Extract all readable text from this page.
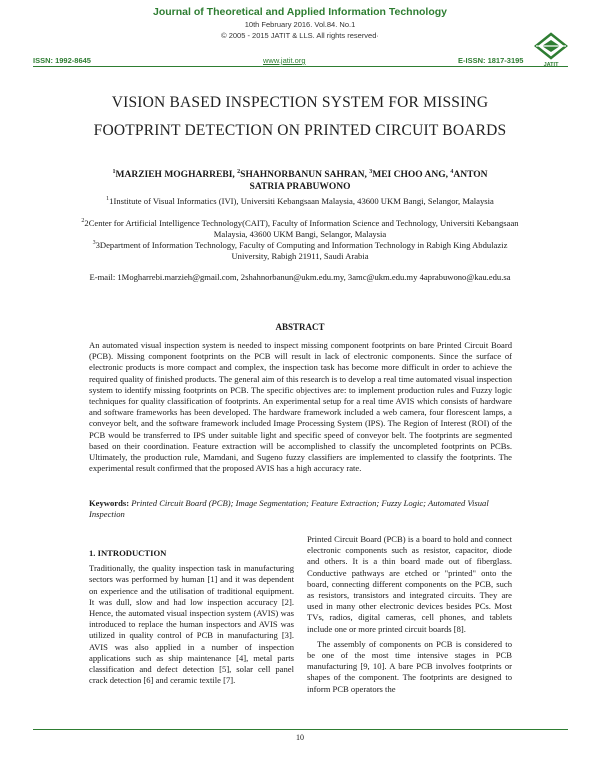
Journal of Theoretical and Applied Information Technology
10th February 2016. Vol.84. No.1
© 2005 - 2015 JATIT & LLS. All rights reserved·
JATIT
ISSN: 1992-8645	www.jatit.org	E-ISSN: 1817-3195
VISION BASED INSPECTION SYSTEM FOR MISSING
FOOTPRINT DETECTION ON PRINTED CIRCUIT BOARDS
$^1$MARZIEH MOGHARREBI, $^2$SHAHNORBANUN SAHRAN, $^3$MEI CHOO ANG, $^4$ANTON SATRIA PRABUWONO
$^1$1Institute of Visual Informatics (IVI), Universiti Kebangsaan Malaysia, 43600 UKM Bangi, Selangor, Malaysia
$^2$2Center for Artificial Intelligence Technology(CAIT), Faculty of Information Science and Technology, Universiti Kebangsaan Malaysia, 43600 UKM Bangi, Selangor, Malaysia
$^3$3Department of Information Technology, Faculty of Computing and Information Technology in Rabigh King Abdulaziz University, Rabigh 21911, Saudi Arabia
E-mail: 1Mogharrebi.marzieh@gmail.com, 2shahnorbanun@ukm.edu.my, 3amc@ukm.edu.my 4aprabuwono@kau.edu.sa
ABSTRACT
An automated visual inspection system is needed to inspect missing component footprints on bare Printed Circuit Board (PCB). Missing component footprints on the PCB will result in lack of electronic components. Since the surface of electronic products is more compact and complex, the inspection task has become more difficult in order to achieve the required quality of finished products. The general aim of this research is to develop a real time automated visual inspection system to identify missing footprints on PCB. The specific objectives are: to implement production rules and Fuzzy logic techniques for quality classification of footprints. An experimental setup for a real time AVIS which consists of hardware and software frameworks has been developed. The hardware framework included a web camera, four florescent lamps, a conveyor belt, and the software framework included Image Processing System (IPS). The Region of Interest (ROI) of the PCB would be transferred to IPS under suitable light and specific speed of conveyor belt. The footprints are segmented based on their coordination. Feature extraction will be accomplished to classify the uncompleted footprints on PCBs. Ultimately, the production rule, Mamdani, and Sugeno fuzzy classifiers are implemented to classify the footprints. The experimental result confirmed that the proposed AVIS has a high accuracy rate.
Keywords: Printed Circuit Board (PCB); Image Segmentation; Feature Extraction; Fuzzy Logic; Automated Visual Inspection
1. INTRODUCTION
Traditionally, the quality inspection task in manufacturing sectors was performed by human [1] and it was dependent on experience and the utilisation of traditional equipment. It was dull, slow and had low inspection accuracy [2]. Hence, the automated visual inspection system (AVIS) was introduced to replace the human inspectors and AVIS was utilized in quality control of PCB in manufacturing [3]. AVIS was also applied in a number of inspection applications such as ship maintenance [4], metal parts classification and defect detection [5], solar cell panel crack detection [6] and ceramic textile [7].
Printed Circuit Board (PCB) is a board to hold and connect electronic components such as resistor, capacitor, diode and others. It is a thin board made out of fiberglass. Conductive pathways are etched or "printed" onto the board, connecting different components on the PCB, such as resistors, transistors and integrated circuits. They are used in many other electronic devices besides PCs. Most TVs, radios, digital cameras, cell phones, and tablets include one or more printed circuit boards [8].
The assembly of components on PCB is considered to be one of the most time intensive stages in PCB manufacturing [9, 10]. A bare PCB involves footprints or shapes of the component. The footprints are designed to inform PCB operators the
10
